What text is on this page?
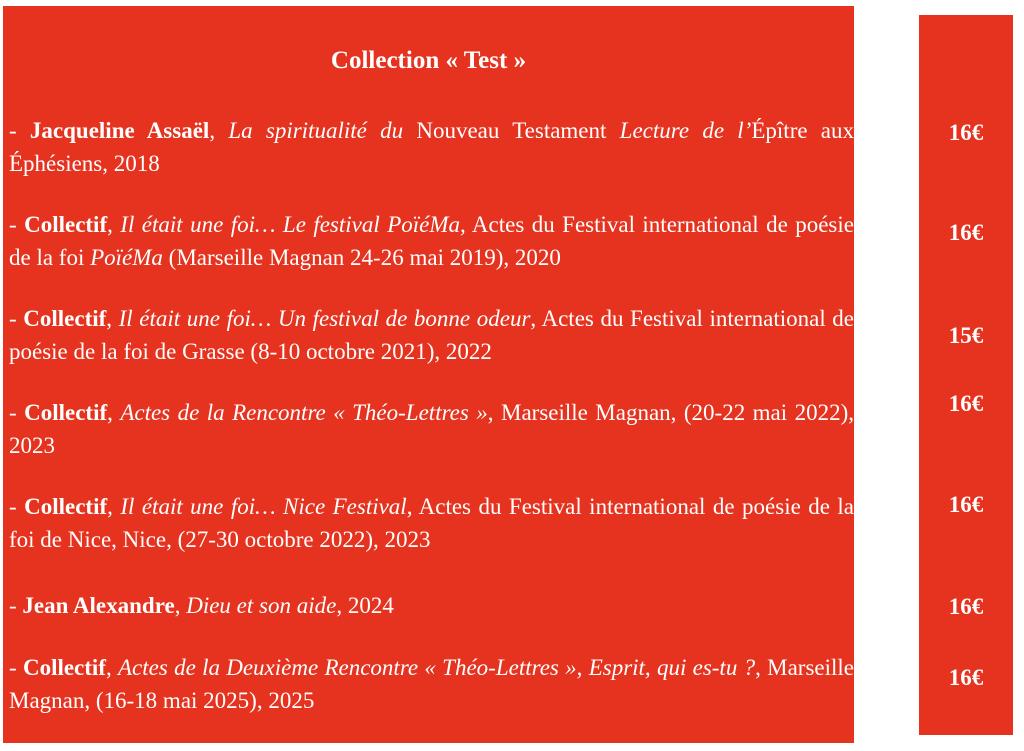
Collection « Test »

- Jacqueline Assaël, La spiritualité du Nouveau Testament Lecture de l’Épître aux Éphésiens, 2018

- Collectif, Il était une foi… Le festival PoïéMa, Actes du Festival international de poésie de la foi PoïéMa (Marseille Magnan 24-26 mai 2019), 2020

- Collectif, Il était une foi… Un festival de bonne odeur, Actes du Festival international de poésie de la foi de Grasse (8-10 octobre 2021), 2022

- Collectif, Actes de la Rencontre « Théo-Lettres », Marseille Magnan, (20-22 mai 2022), 2023

- Collectif, Il était une foi… Nice Festival, Actes du Festival international de poésie de la foi de Nice, Nice, (27-30 octobre 2022), 2023

- Jean Alexandre, Dieu et son aide, 2024

- Collectif, Actes de la Deuxième Rencontre « Théo-Lettres », Esprit, qui es-tu ?, Marseille Magnan, (16-18 mai 2025), 2025

16€
16€
15€
16€
16€
16€
16€
